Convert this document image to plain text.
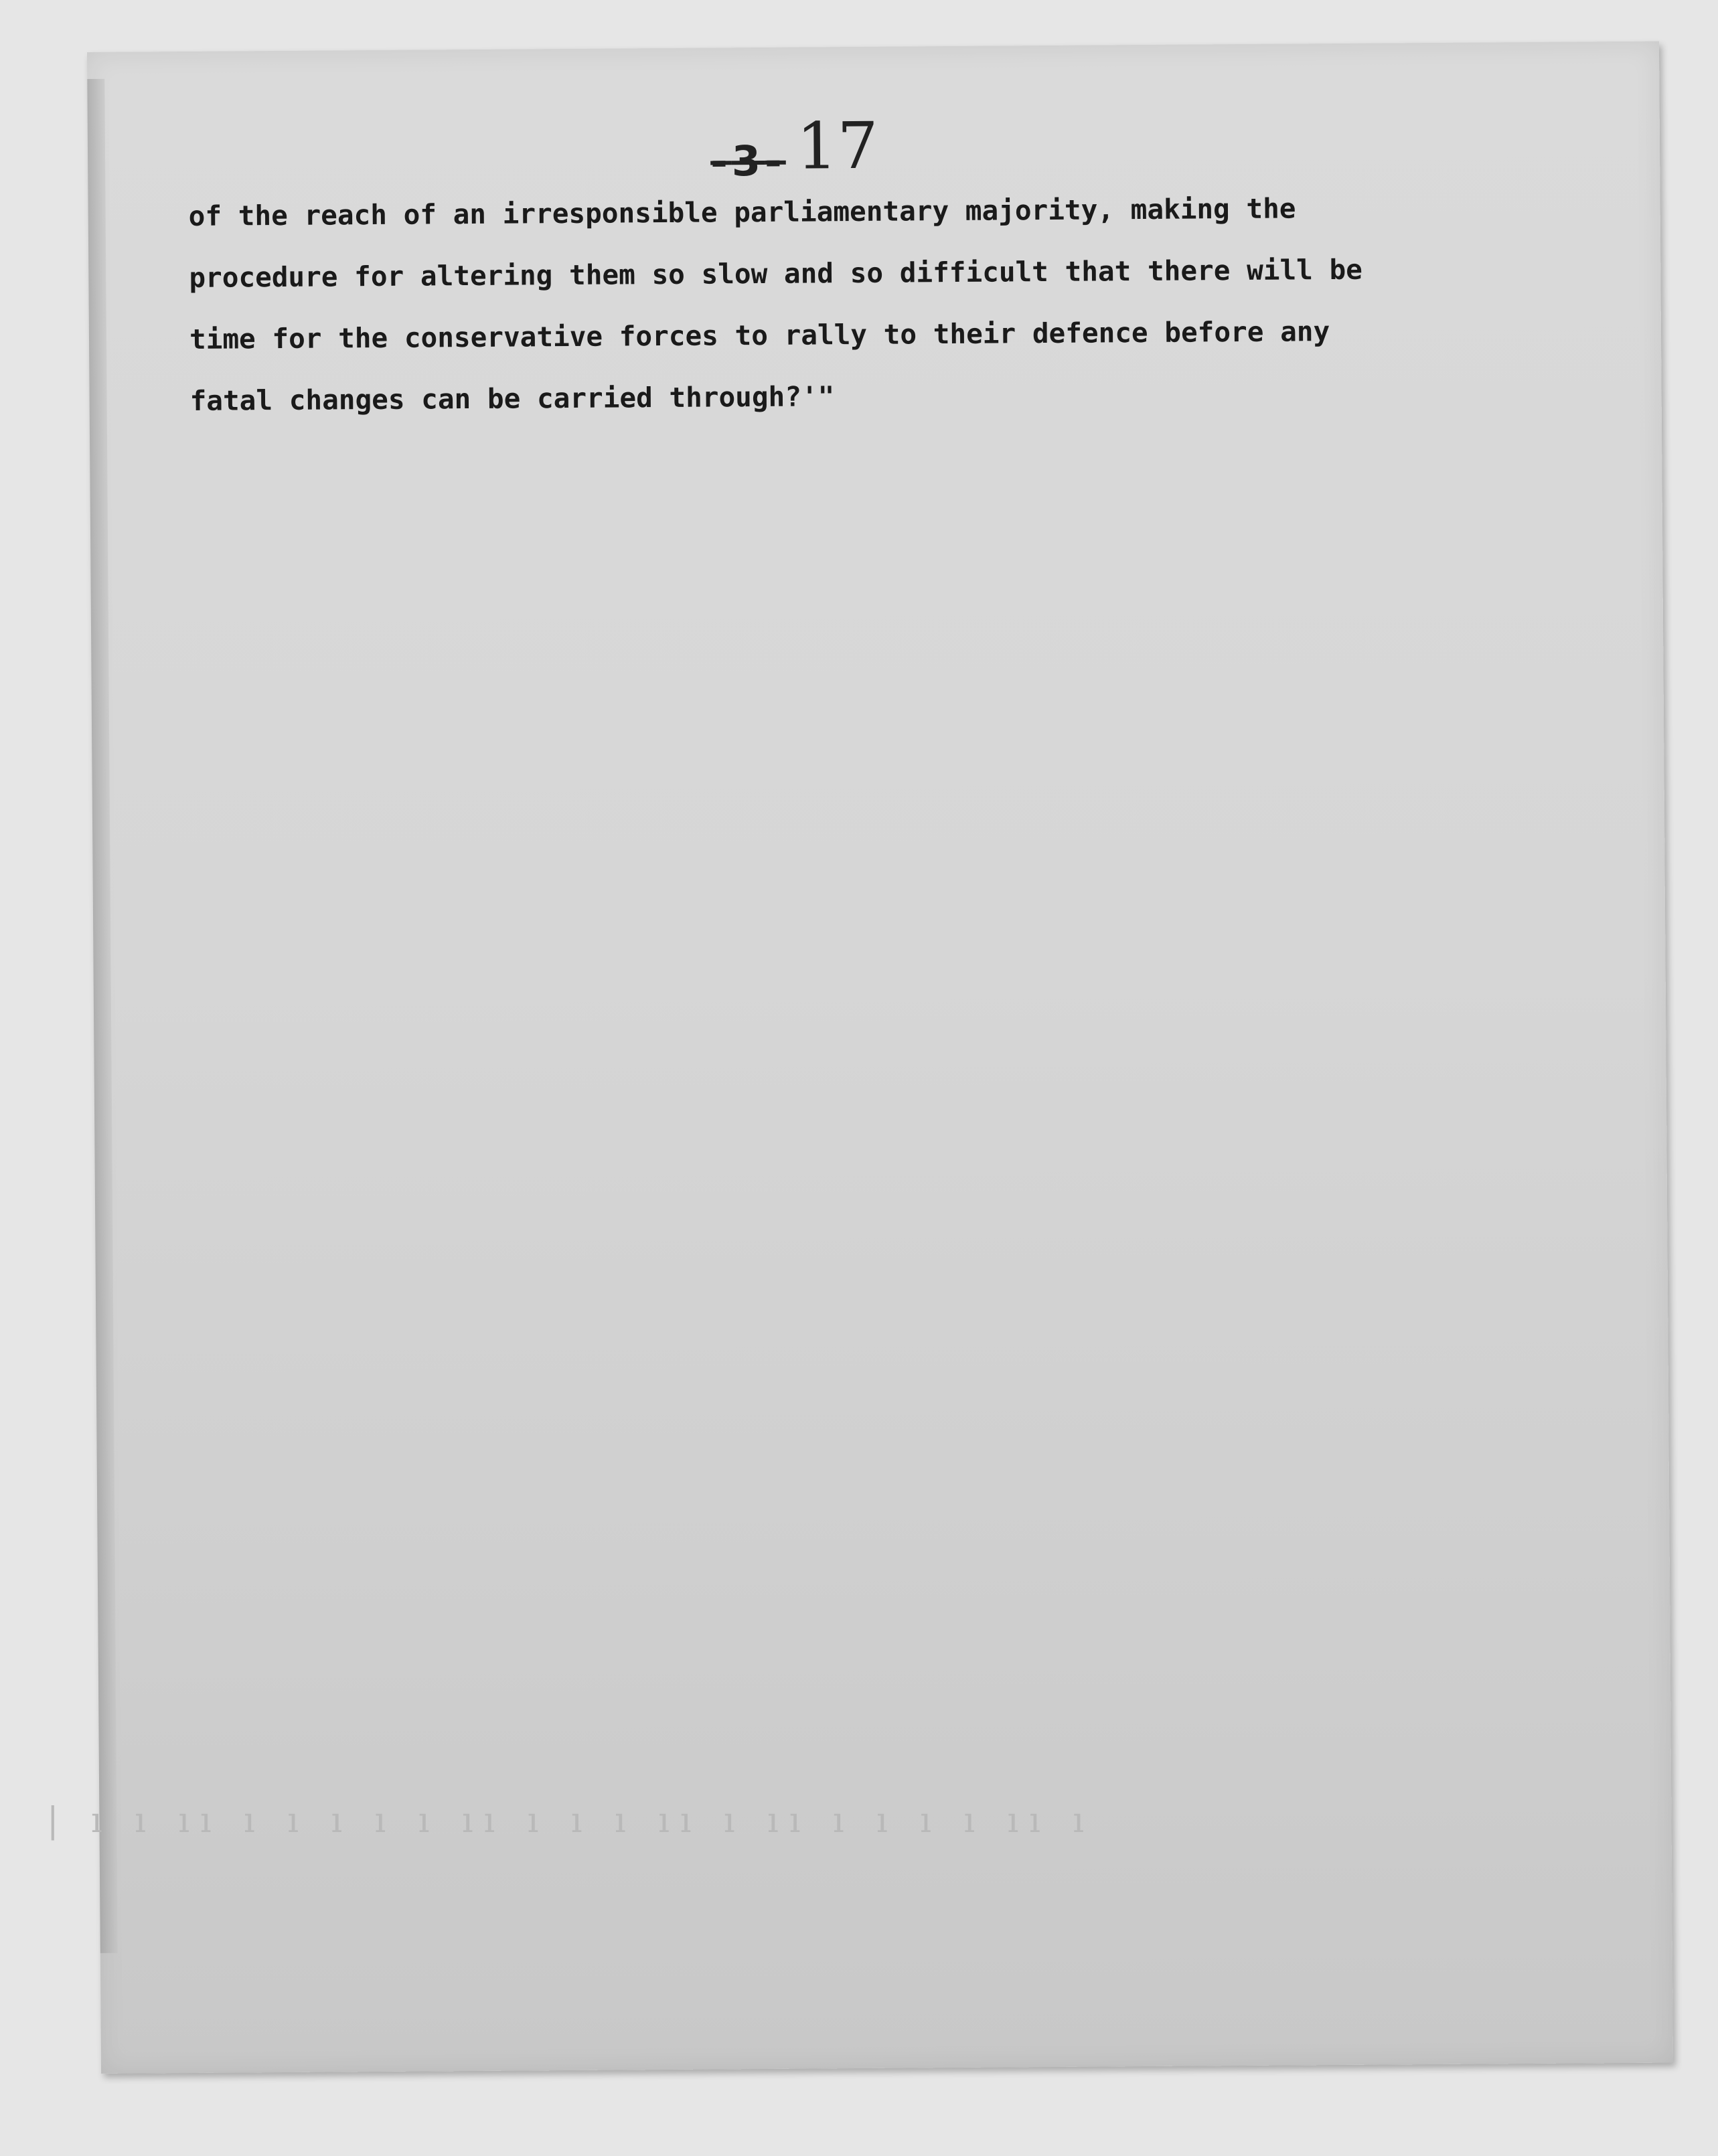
-3- 17
of the reach of an irresponsible parliamentary majority, making the
procedure for altering them so slow and so difficult that there will be
time for the conservative forces to rally to their defence before any
fatal changes can be carried through?'"
| ı ı ıı ı ı ı ı ı ıı ı ı ı ıı ı ıı ı ı ı ı ıı ı
